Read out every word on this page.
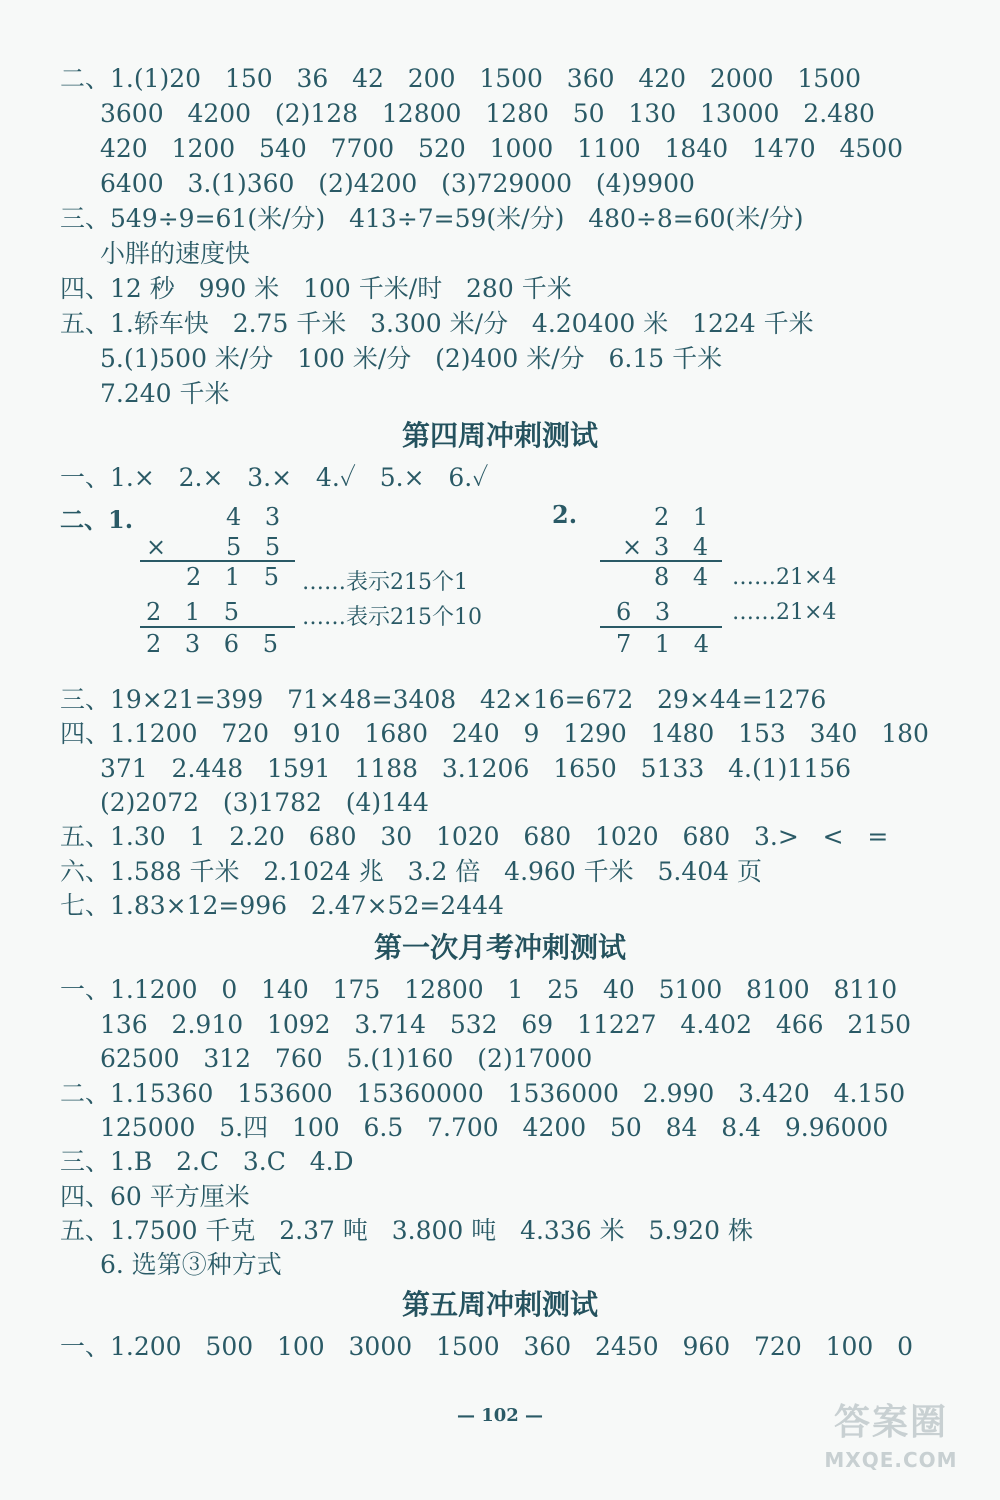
二、1.(1)20   150   36   42   200   1500   360   420   2000   1500
3600   4200   (2)128   12800   1280   50   130   13000   2.480
420   1200   540   7700   520   1000   1100   1840   1470   4500
6400   3.(1)360   (2)4200   (3)729000   (4)9900
三、549÷9=61(米/分)   413÷7=59(米/分)   480÷8=60(米/分)
小胖的速度快
四、12 秒   990 米   100 千米/时   280 千米
五、1.轿车快   2.75 千米   3.300 米/分   4.20400 米   1224 千米
5.(1)500 米/分   100 米/分   (2)400 米/分   6.15 千米
7.240 千米
第四周冲刺测试
一、1.×   2.×   3.×   4.✓   5.×   6.✓
二、1.	4 3
× 5 5
2 1 5 ……表示215个1
2 1 5 ……表示215个10
2 3 6 5
2.	2 1
× 3 4
8 4 ……21×4
6 3 ……21×4
7 1 4
三、19×21=399   71×48=3408   42×16=672   29×44=1276
四、1.1200   720   910   1680   240   9   1290   1480   153   340   180
371   2.448   1591   1188   3.1206   1650   5133   4.(1)1156
(2)2072   (3)1782   (4)144
五、1.30   1   2.20   680   30   1020   680   1020   680   3.>   <   =
六、1.588 千米   2.1024 兆   3.2 倍   4.960 千米   5.404 页
七、1.83×12=996   2.47×52=2444
第一次月考冲刺测试
一、1.1200   0   140   175   12800   1   25   40   5100   8100   8110
136   2.910   1092   3.714   532   69   11227   4.402   466   2150
62500   312   760   5.(1)160   (2)17000
二、1.15360   153600   15360000   1536000   2.990   3.420   4.150
125000   5.四   100   6.5   7.700   4200   50   84   8.4   9.96000
三、1.B   2.C   3.C   4.D
四、60 平方厘米
五、1.7500 千克   2.37 吨   3.800 吨   4.336 米   5.920 株
6. 选第③种方式
第五周冲刺测试
一、1.200   500   100   3000   1500   360   2450   960   720   100   0
— 102 —	答案圈
MXQE.COM
